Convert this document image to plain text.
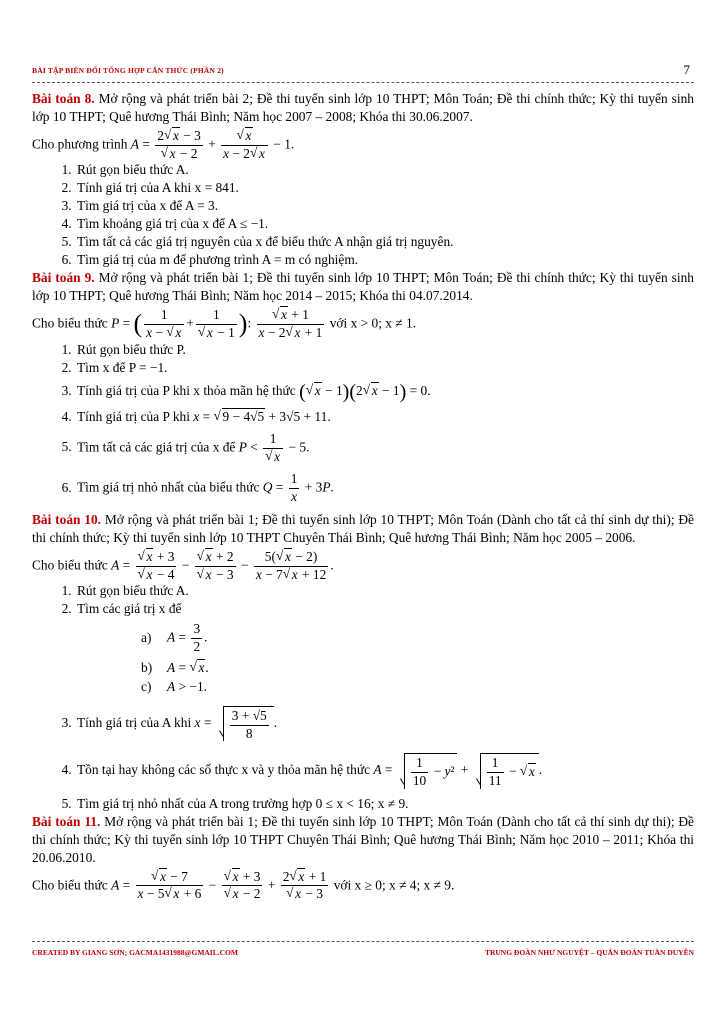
BÀI TẬP BIẾN ĐỔI TỔNG HỢP CĂN THỨC (PHẦN 2)	7

Bài toán 8. Mở rộng và phát triển bài 2; Đề thi tuyển sinh lớp 10 THPT; Môn Toán; Đề thi chính thức; Kỳ thi tuyển sinh lớp 10 THPT; Quê hương Thái Bình; Năm học 2007 – 2008; Khóa thi 30.06.2007.

Cho phương trình A = 2 √ x − 3
√ x − 2 + √ $\frac{x}{x - 2 √ x} - 1$.

1. Rút gọn biểu thức A.
2. Tính giá trị của A khi x = 841.
3. Tìm giá trị của x để A = 3.
4. Tìm khoảng giá trị của x để A ≤ −1.
5. Tìm tất cả các giá trị nguyên của x để biểu thức A nhận giá trị nguyên.
6. Tìm giá trị của m để phương trình A = m có nghiệm.

Bài toán 9. Mở rộng và phát triển bài 1; Đề thi tuyển sinh lớp 10 THPT; Môn Toán; Đề thi chính thức; Kỳ thi tuyển sinh lớp 10 THPT; Quê hương Thái Bình; Năm học 2014 – 2015; Khóa thi 04.07.2014.

Cho biểu thức P = ( $\frac{1}{x - √ x} + 1$
√ x − 1 ): √ $\frac{x + 1}{x - 2 √ x + 1}$ với x > 0; x ≠ 1.

1. Rút gọn biểu thức P.
2. Tìm x để P = −1.
3. Tính giá trị của P khi x thỏa mãn hệ thức ( √ x − 1)(2 √ x − 1) = 0.
4. Tính giá trị của P khi x = √ 9 − 4√5 + 3√5 + 11.
5. Tìm tất cả các giá trị của x để P < 1
√ x − 5.
6. Tìm giá trị nhỏ nhất của biểu thức $Q = \frac{1}{x} + 3P$.

Bài toán 10. Mở rộng và phát triển bài 1; Đề thi tuyển sinh lớp 10 THPT; Môn Toán (Dành cho tất cả thí sinh dự thi); Đề thi chính thức; Kỳ thi tuyển sinh lớp 10 THPT Chuyên Thái Bình; Quê hương Thái Bình; Năm học 2005 – 2006.

Cho biểu thức A = √ x + 3
√ x − 4 − √ x + 2
√ $x - 3 - \frac{5( √ x - 2)}{x - 7 √ x + 12}$ .

1. Rút gọn biểu thức A.
2. Tìm các giá trị x để
a) $A = \frac{3}{2}$ .
b) A = √ x.
c) A > −1.
3. Tính giá trị của A khi $x = \frac{3 + √5}{8}$ .
4. Tồn tại hay không các số thực x và y thỏa mãn hệ thức $A = \frac{1}{10} - y^2 + \frac{1}{11}$ − √ x .
5. Tìm giá trị nhỏ nhất của A trong trường hợp 0 ≤ x < 16; x ≠ 9.

Bài toán 11. Mở rộng và phát triển bài 1; Đề thi tuyển sinh lớp 10 THPT; Môn Toán (Dành cho tất cả thí sinh dự thi); Đề thi chính thức; Kỳ thi tuyển sinh lớp 10 THPT Chuyên Thái Bình; Quê hương Thái Bình; Năm học 2010 – 2011; Khóa thi 20.06.2010.

Cho biểu thức A = √ $\frac{x - 7}{x - 5 √ x + 6}$ − √ x + 3
√ x − 2 + 2 √ x + 1
√ x − 3 với x ≥ 0; x ≠ 4; x ≠ 9.

CREATED BY GIANG SƠN; GACMA1431988@GMAIL.COM	TRUNG ĐOÀN NHƯ NGUYỆT – QUÂN ĐOÀN TUẦN DUYÊN
